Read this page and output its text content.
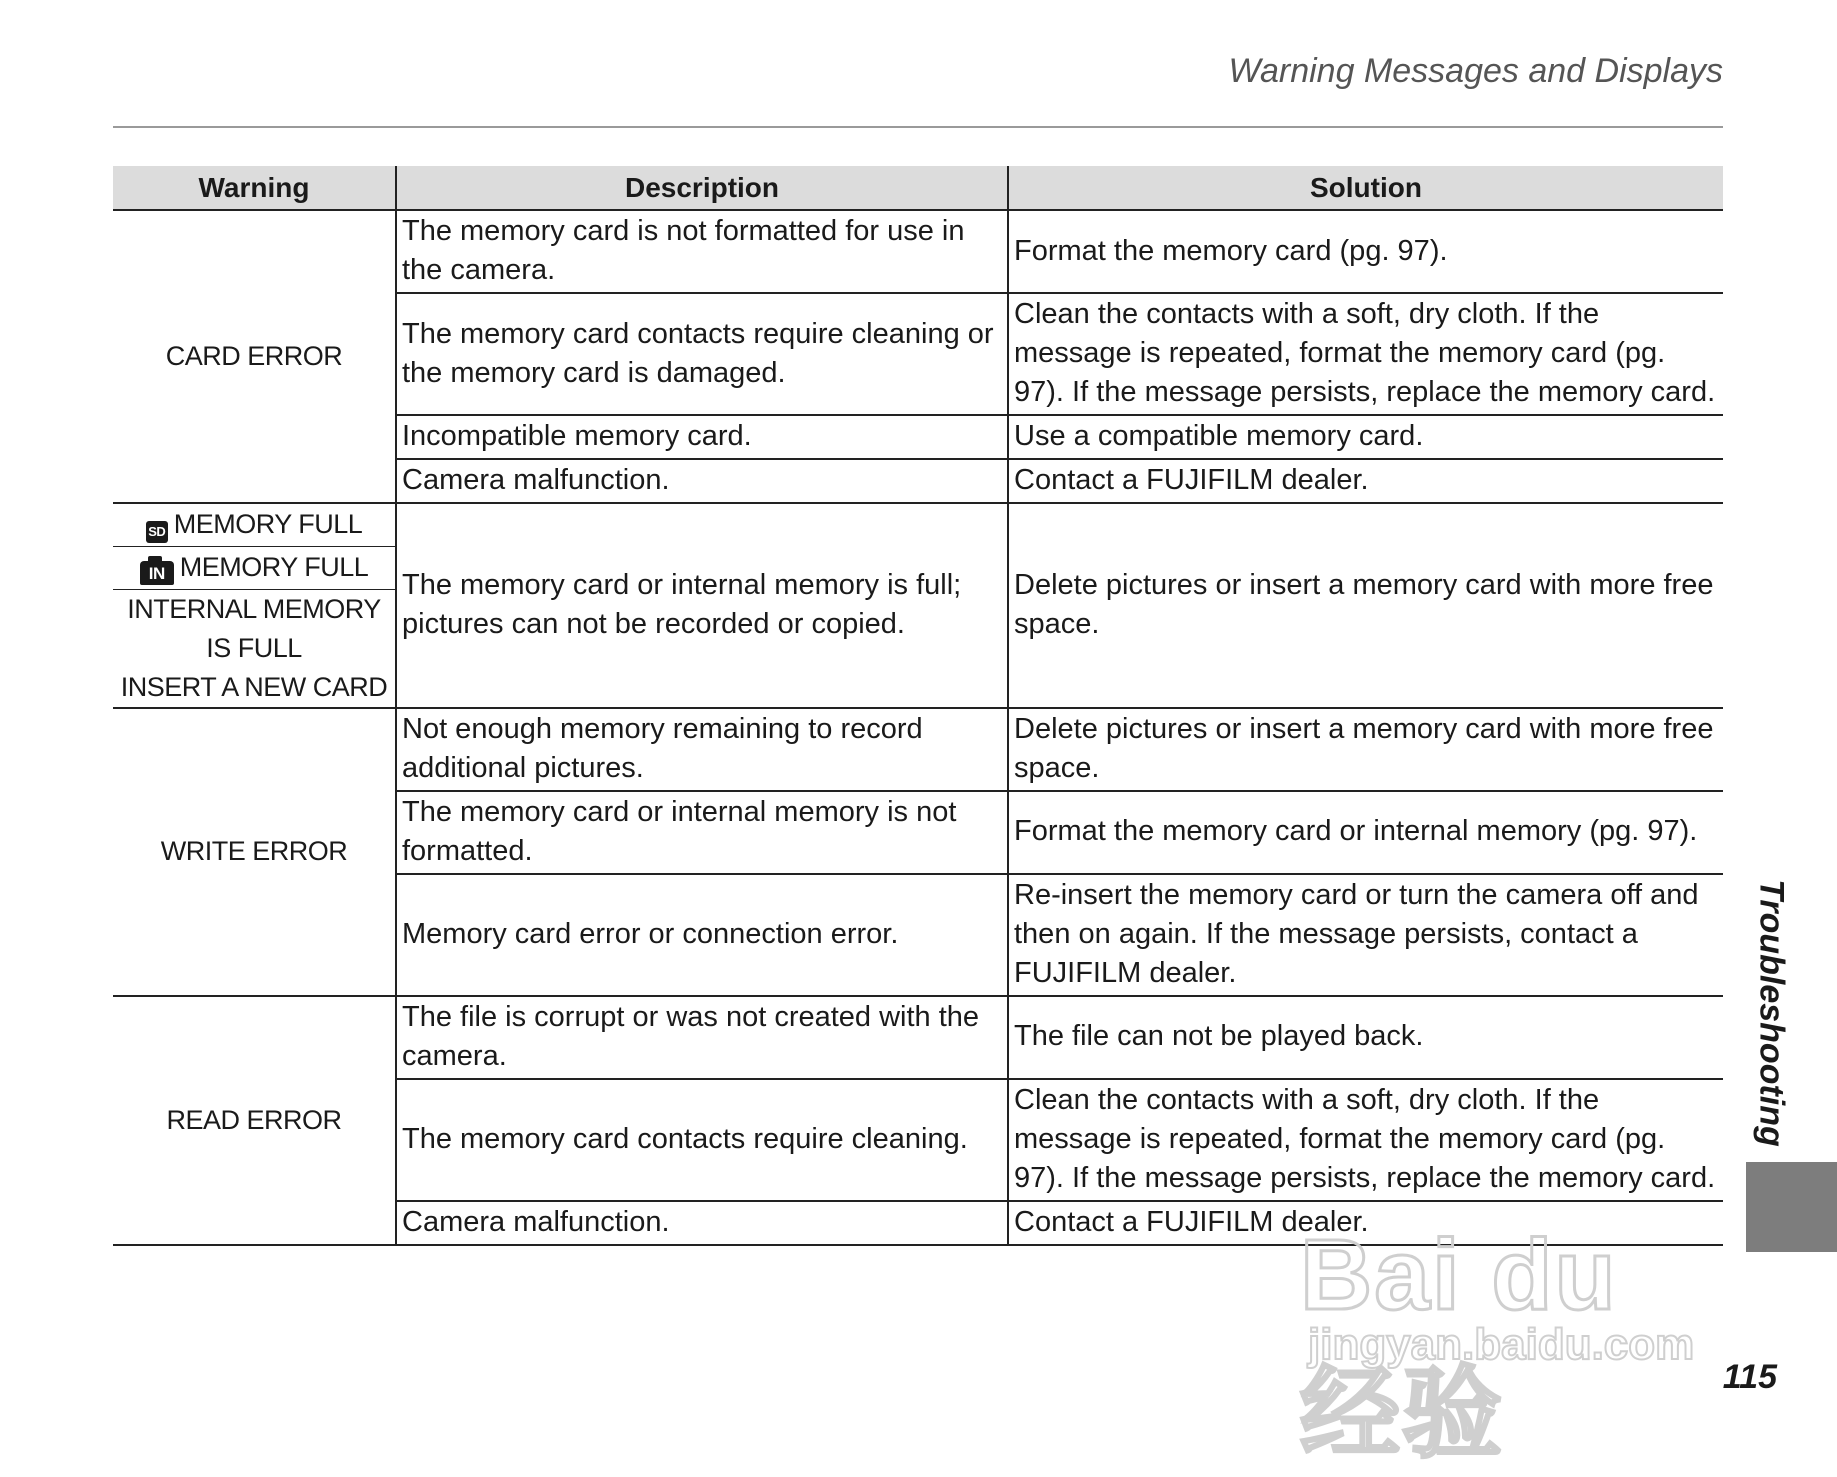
Warning Messages and Displays
Warning	Description	Solution
CARD ERROR	The memory card is not formatted for use in the camera.	Format the memory card (pg. 97).
	The memory card contacts require cleaning or the memory card is damaged.	Clean the contacts with a soft, dry cloth. If the message is repeated, format the memory card (pg. 97). If the message persists, replace the memory card.
	Incompatible memory card.	Use a compatible memory card.
	Camera malfunction.	Contact a FUJIFILM dealer.
SD MEMORY FULL	The memory card or internal memory is full; pictures can not be recorded or copied.	Delete pictures or insert a memory card with more free space.
IN MEMORY FULL		
INTERNAL MEMORY IS FULL
INSERT A NEW CARD		
WRITE ERROR	Not enough memory remaining to record additional pictures.	Delete pictures or insert a memory card with more free space.
	The memory card or internal memory is not formatted.	Format the memory card or internal memory (pg. 97).
	Memory card error or connection error.	Re-insert the memory card or turn the camera off and then on again. If the message persists, contact a FUJIFILM dealer.
READ ERROR	The file is corrupt or was not created with the camera.	The file can not be played back.
	The memory card contacts require cleaning.	Clean the contacts with a soft, dry cloth. If the message is repeated, format the memory card (pg. 97). If the message persists, replace the memory card.
	Camera malfunction.	Contact a FUJIFILM dealer.
Troubleshooting
Bai du 经验
jingyan.baidu.com
115
